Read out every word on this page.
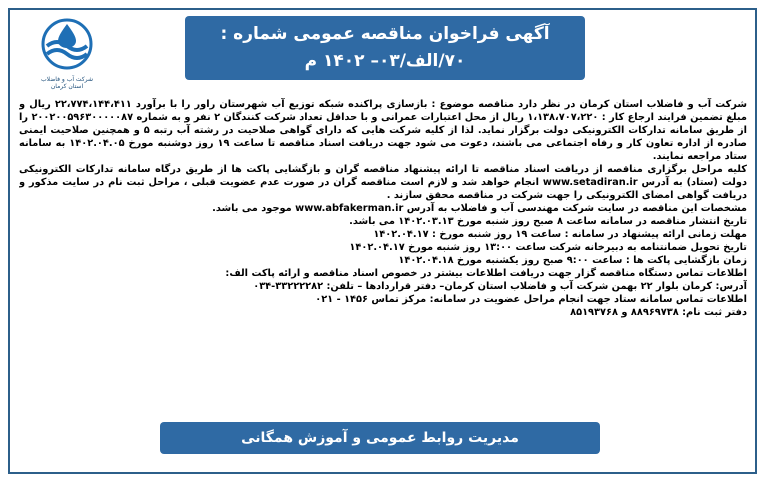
آگهی فراخوان مناقصه عمومی شماره :
۷۰/الف/۰۳– ۱۴۰۲ م
شرکت آب و فاضلاب استان کرمان

شرکت آب و فاضلاب استان کرمان در نظر دارد مناقصه موضوع : بازسازی پراکنده شبکه توزیع آب شهرستان راور را با برآورد ۲۲،۷۷۴،۱۴۴،۴۱۱ ریال و مبلغ تضمین فرایند ارجاع کار : ۱،۱۳۸،۷۰۷،۲۲۰ ریال از محل اعتبارات عمرانی و با حداقل تعداد شرکت کنندگان ۲ نفر و به شماره ۲۰۰۲۰۰۵۹۶۳۰۰۰۰۰۸۷ را از طریق سامانه تدارکات الکترونیکی دولت برگزار نماید. لذا از کلیه شرکت هایی که دارای گواهی صلاحیت در رشته آب رتبه ۵ و همچنین صلاحیت ایمنی صادره از اداره تعاون کار و رفاه اجتماعی می باشند، دعوت می شود جهت دریافت اسناد مناقصه تا ساعت ۱۹ روز دوشنبه مورخ ۱۴۰۲.۰۴.۰۵ به سامانه ستاد مراجعه نمایند.

کلیه مراحل برگزاری مناقصه از دریافت اسناد مناقصه تا ارائه پیشنهاد مناقصه گران و بازگشایی پاکت ها از طریق درگاه سامانه تدارکات الکترونیکی دولت (ستاد) به آدرس www.setadiran.ir انجام خواهد شد و لازم است مناقصه گران در صورت عدم عضویت قبلی ، مراحل ثبت نام در سایت مذکور و دریافت گواهی امضای الکترونیکی را جهت شرکت در مناقصه محقق سازند .

مشخصات این مناقصه در سایت شرکت مهندسی آب و فاضلاب به آدرس www.abfakerman.ir موجود می باشد.

تاریخ انتشار مناقصه در سامانه ساعت ۸ صبح روز شنبه مورخ ۱۴۰۲.۰۳.۱۳ می باشد.

مهلت زمانی ارائه پیشنهاد در سامانه : ساعت ۱۹ روز شنبه مورخ : ۱۴۰۲.۰۴.۱۷

تاریخ تحویل ضمانتنامه به دبیرخانه شرکت ساعت ۱۳:۰۰ روز شنبه مورخ ۱۴۰۲.۰۴.۱۷

زمان بازگشایی پاکت ها : ساعت ۹:۰۰ صبح روز یکشنبه مورخ ۱۴۰۲.۰۴.۱۸

اطلاعات تماس دستگاه مناقصه گزار جهت دریافت اطلاعات بیشتر در خصوص اسناد مناقصه و ارائه پاکت الف:

آدرس: کرمان بلوار ۲۲ بهمن شرکت آب و فاضلاب استان کرمان– دفتر قراردادها – تلفن: ۳۳۲۲۲۲۸۲-۰۳۴

اطلاعات تماس سامانه ستاد جهت انجام مراحل عضویت در سامانه: مرکز تماس ۱۴۵۶ - ۰۲۱

دفتر ثبت نام: ۸۸۹۶۹۷۳۸ و ۸۵۱۹۳۷۶۸

مدیریت روابط عمومی و آموزش همگانی
